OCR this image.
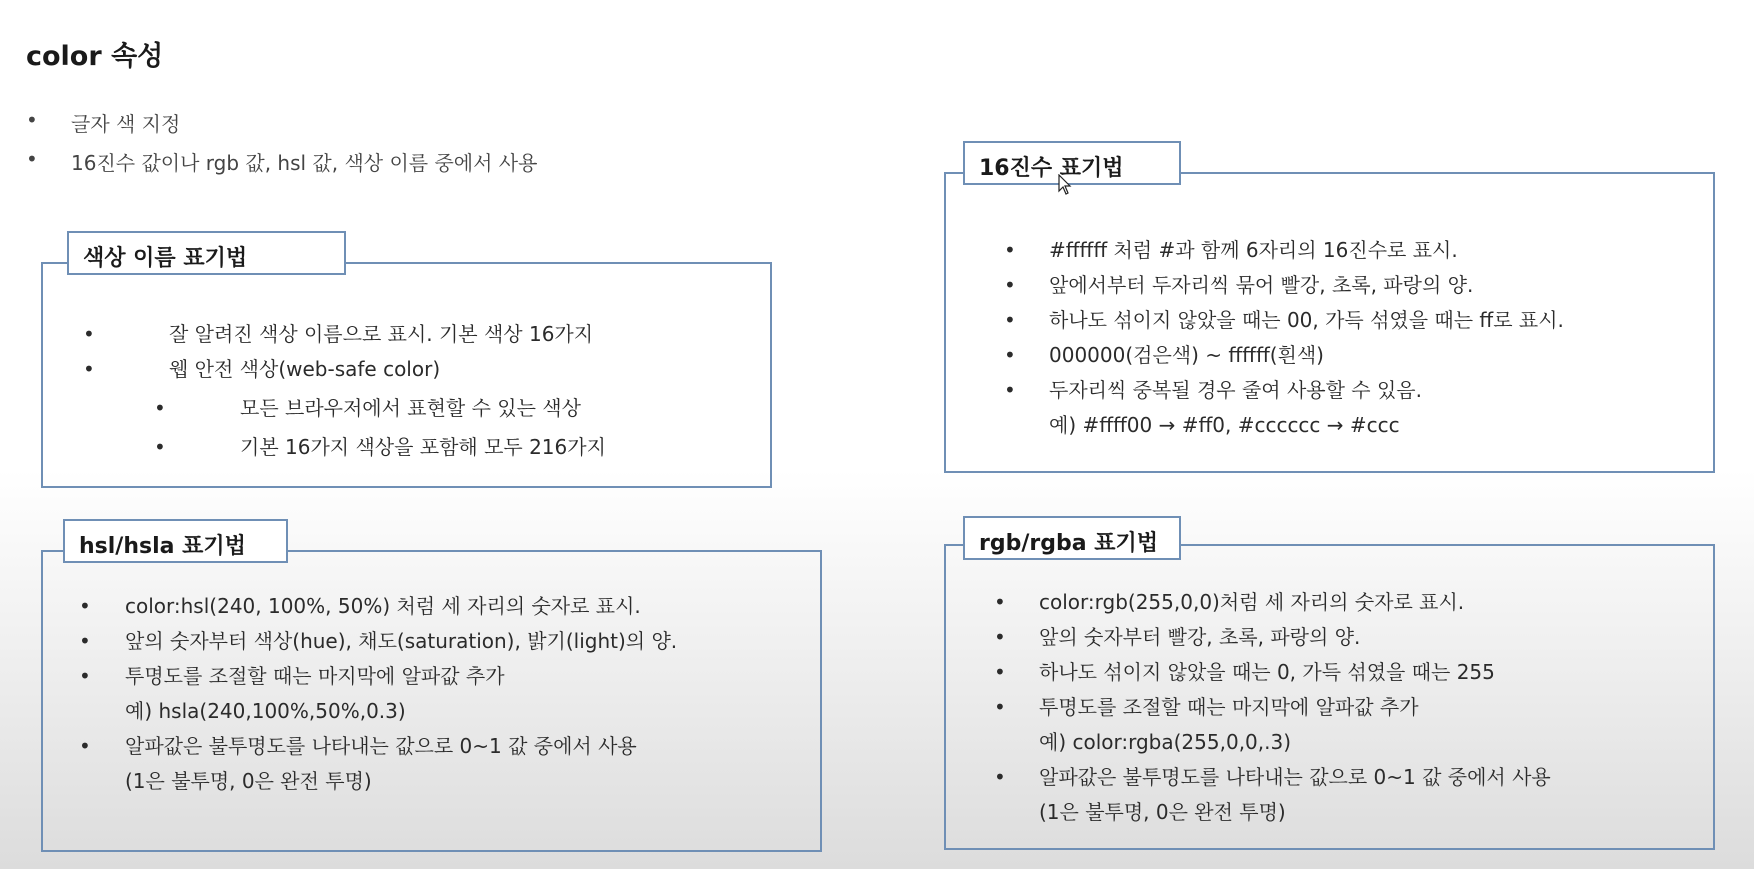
color 속성
• 글자 색 지정
• 16진수 값이나 rgb 값, hsl 값, 색상 이름 중에서 사용
•	잘 알려진 색상 이름으로 표시. 기본 색상 16가지
•	웹 안전 색상(web-safe color)
•	모든 브라우저에서 표현할 수 있는 색상
•	기본 16가지 색상을 포함해 모두 216가지
색상 이름 표기법	• #ffffff 처럼 #과 함께 6자리의 16진수로 표시.
• 앞에서부터 두자리씩 묶어 빨강, 초록, 파랑의 양.
• 하나도 섞이지 않았을 때는 00, 가득 섞였을 때는 ff로 표시.
• 000000(검은색) ~ ffffff(흰색)
• 두자리씩 중복될 경우 줄여 사용할 수 있음.
예) #ffff00 → #ff0, #cccccc → #ccc
16진수 표기법
• color:hsl(240, 100%, 50%) 처럼 세 자리의 숫자로 표시.
• 앞의 숫자부터 색상(hue), 채도(saturation), 밝기(light)의 양.
• 투명도를 조절할 때는 마지막에 알파값 추가
예) hsla(240,100%,50%,0.3)
• 알파값은 불투명도를 나타내는 값으로 0~1 값 중에서 사용
(1은 불투명, 0은 완전 투명)
hsl/hsla 표기법
• color:rgb(255,0,0)처럼 세 자리의 숫자로 표시.
• 앞의 숫자부터 빨강, 초록, 파랑의 양.
• 하나도 섞이지 않았을 때는 0, 가득 섞였을 때는 255
• 투명도를 조절할 때는 마지막에 알파값 추가
예) color:rgba(255,0,0,.3)
• 알파값은 불투명도를 나타내는 값으로 0~1 값 중에서 사용
(1은 불투명, 0은 완전 투명)
rgb/rgba 표기법
